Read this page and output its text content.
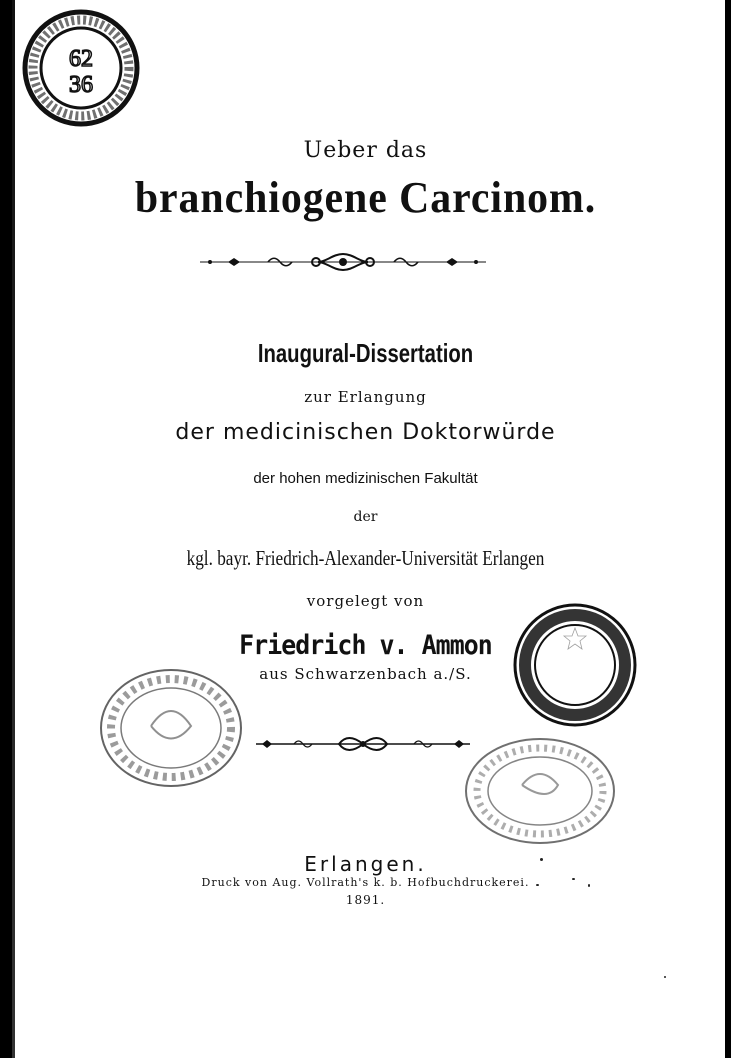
62
36
Ueber das
branchiogene Carcinom.
Inaugural-Dissertation
zur Erlangung
der medicinischen Doktorwürde
der hohen medizinischen Fakultät
der
kgl. bayr. Friedrich-Alexander-Universität Erlangen
vorgelegt von
Friedrich v. Ammon
aus Schwarzenbach a./S.
Erlangen.
Druck von Aug. Vollrath's k. b. Hofbuchdruckerei.
1891.
